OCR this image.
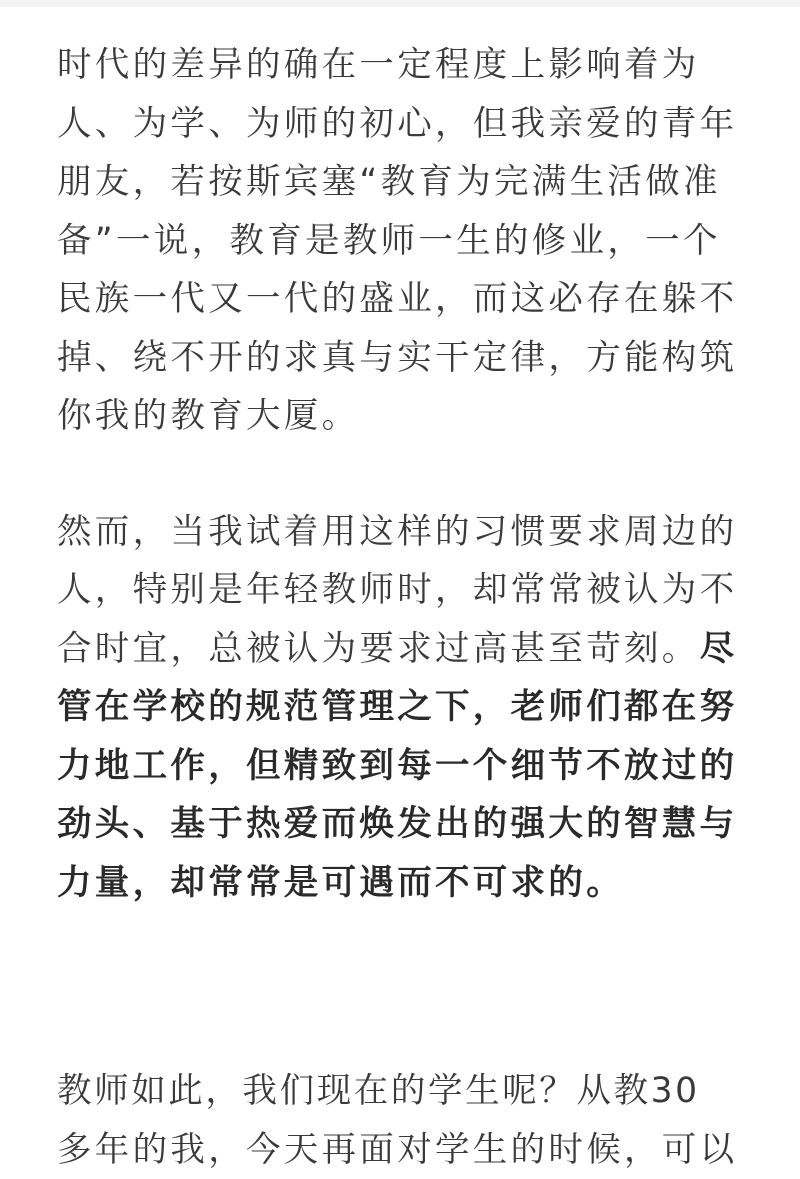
时代的差异的确在一定程度上影响着为
人、为学、为师的初心，但我亲爱的青年
朋友，若按斯宾塞“教育为完满生活做准
备”一说，教育是教师一生的修业，一个
民族一代又一代的盛业，而这必存在躲不
掉、绕不开的求真与实干定律，方能构筑
你我的教育大厦。
然而，当我试着用这样的习惯要求周边的
人，特别是年轻教师时，却常常被认为不
合时宜，总被认为要求过高甚至苛刻。尽
管在学校的规范管理之下，老师们都在努
力地工作，但精致到每一个细节不放过的
劲头、基于热爱而焕发出的强大的智慧与
力量，却常常是可遇而不可求的。
教师如此，我们现在的学生呢？从教30
多年的我，今天再面对学生的时候，可以
